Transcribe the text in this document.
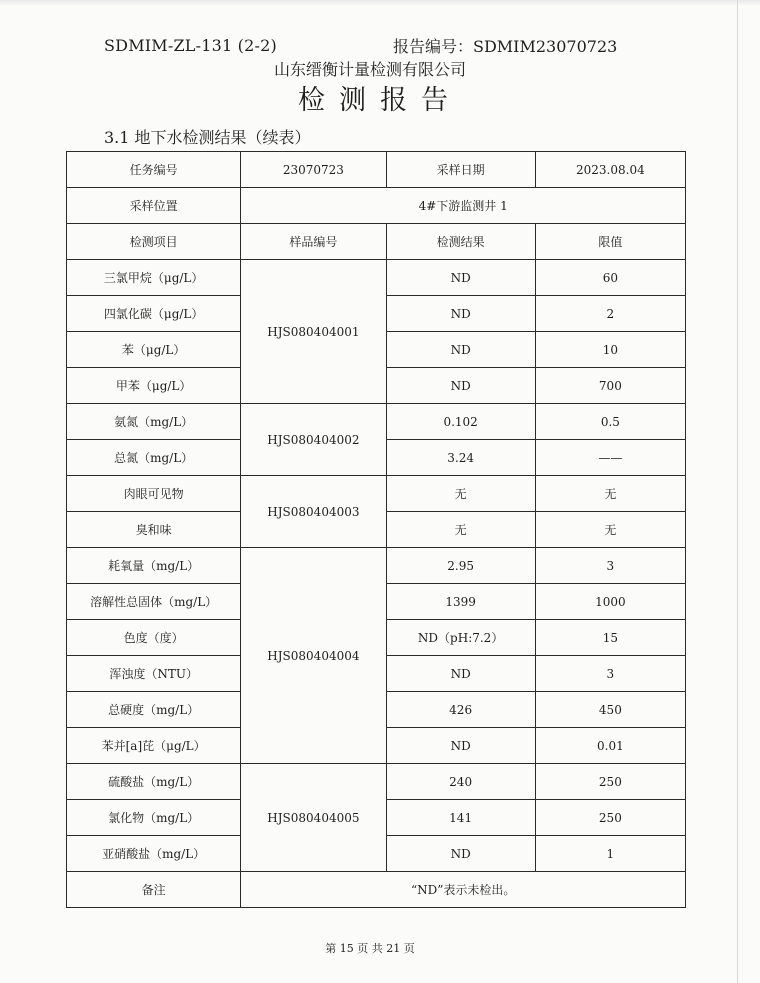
SDMIM-ZL-131 (2-2)	报告编号：SDMIM23070723
山东缙衡计量检测有限公司
检测报告
3.1 地下水检测结果（续表）
任务编号	23070723	采样日期	2023.08.04
采样位置	4#下游监测井 1		
检测项目	样品编号	检测结果	限值
三氯甲烷（μg/L）	HJS080404001	ND	60
四氯化碳（μg/L）		ND	2
苯（μg/L）		ND	10
甲苯（μg/L）		ND	700
氨氮（mg/L）	HJS080404002	0.102	0.5
总氮（mg/L）		3.24	——
肉眼可见物	HJS080404003	无	无
臭和味		无	无
耗氧量（mg/L）	HJS080404004	2.95	3
溶解性总固体（mg/L）		1399	1000
色度（度）		ND（pH:7.2）	15
浑浊度（NTU）		ND	3
总硬度（mg/L）		426	450
苯并[a]芘（μg/L）		ND	0.01
硫酸盐（mg/L）	HJS080404005	240	250
氯化物（mg/L）		141	250
亚硝酸盐（mg/L）		ND	1
备注	“ND”表示未检出。		
第 15 页 共 21 页
